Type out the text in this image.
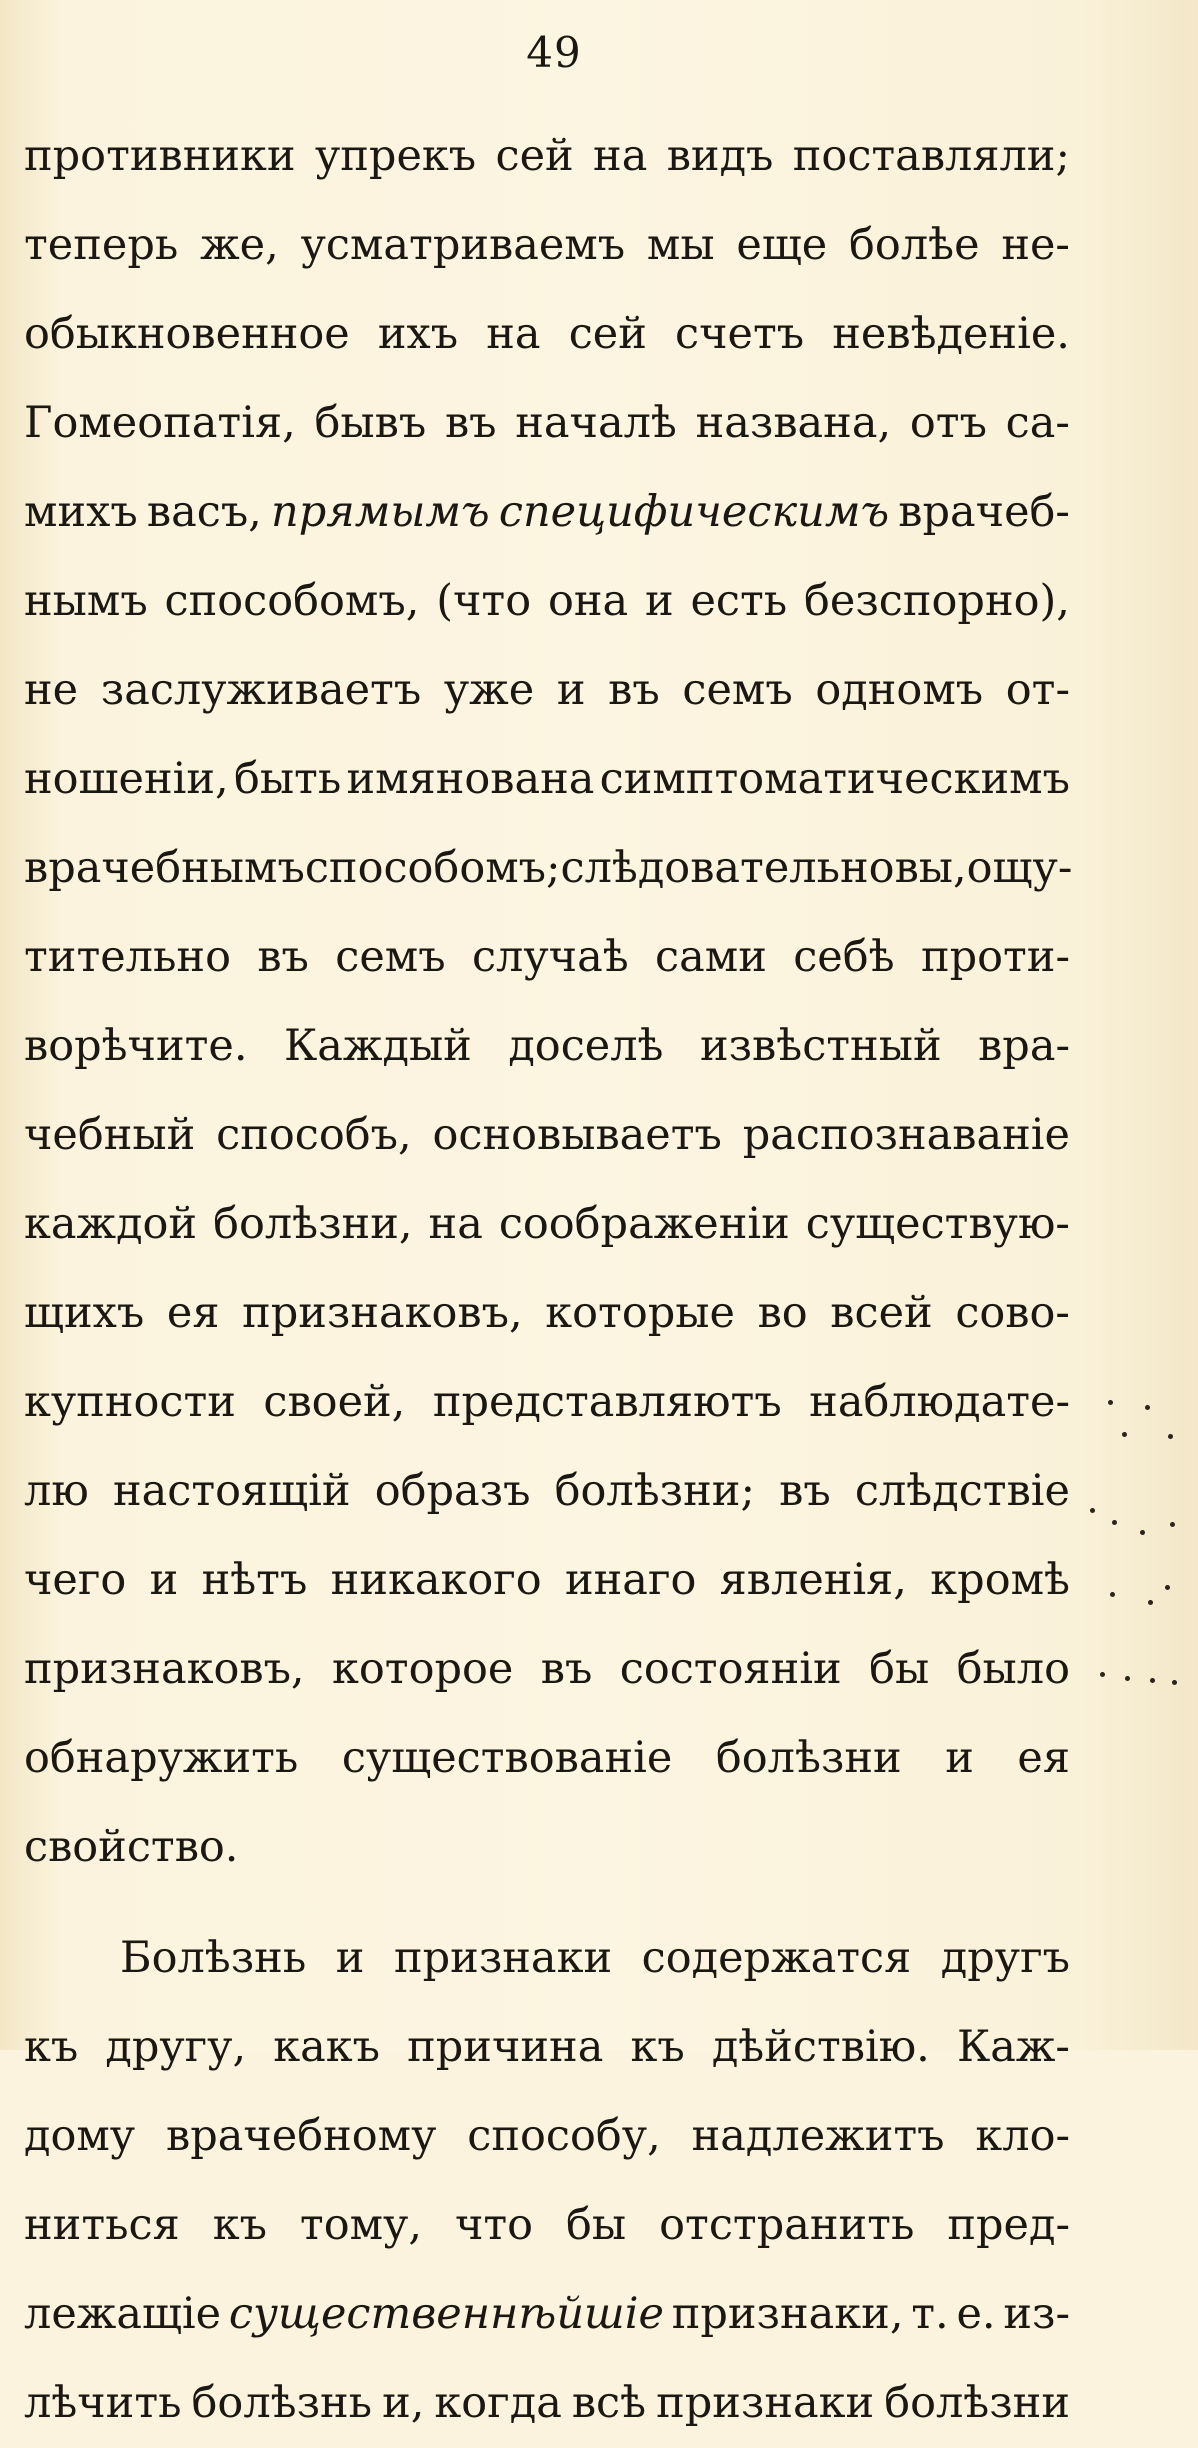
49
противники упрекъ сей на видъ поставляли;
теперь же, усматриваемъ мы еще болѣе не-
обыкновенное ихъ на сей счетъ невѣденіе.
Гомеопатія, бывъ въ началѣ названа, отъ са-
михъ васъ, прямымъ специфическимъ врачеб-
нымъ способомъ, (что она и есть безспорно),
не заслуживаетъ уже и въ семъ одномъ от-
ношеніи, быть имянована симптоматическимъ
врачебнымъ способомъ; слѣдовательно вы, ощу-
тительно въ семъ случаѣ сами себѣ проти-
ворѣчите. Каждый доселѣ извѣстный вра-
чебный способъ, основываетъ распознаваніе
каждой болѣзни, на соображеніи существую-
щихъ ея признаковъ, которые во всей сово-
купности своей, представляютъ наблюдате-
лю настоящій образъ болѣзни; въ слѣдствіе
чего и нѣтъ никакого инаго явленія, кромѣ
признаковъ, которое въ состояніи бы было
обнаружить существованіе болѣзни и ея
свойство.
Болѣзнь и признаки содержатся другъ
къ другу, какъ причина къ дѣйствію. Каж-
дому врачебному способу, надлежитъ кло-
ниться къ тому, что бы отстранить пред-
лежащіе существеннѣйшіе признаки, т. е. из-
лѣчить болѣзнь и, когда всѣ признаки болѣзни
